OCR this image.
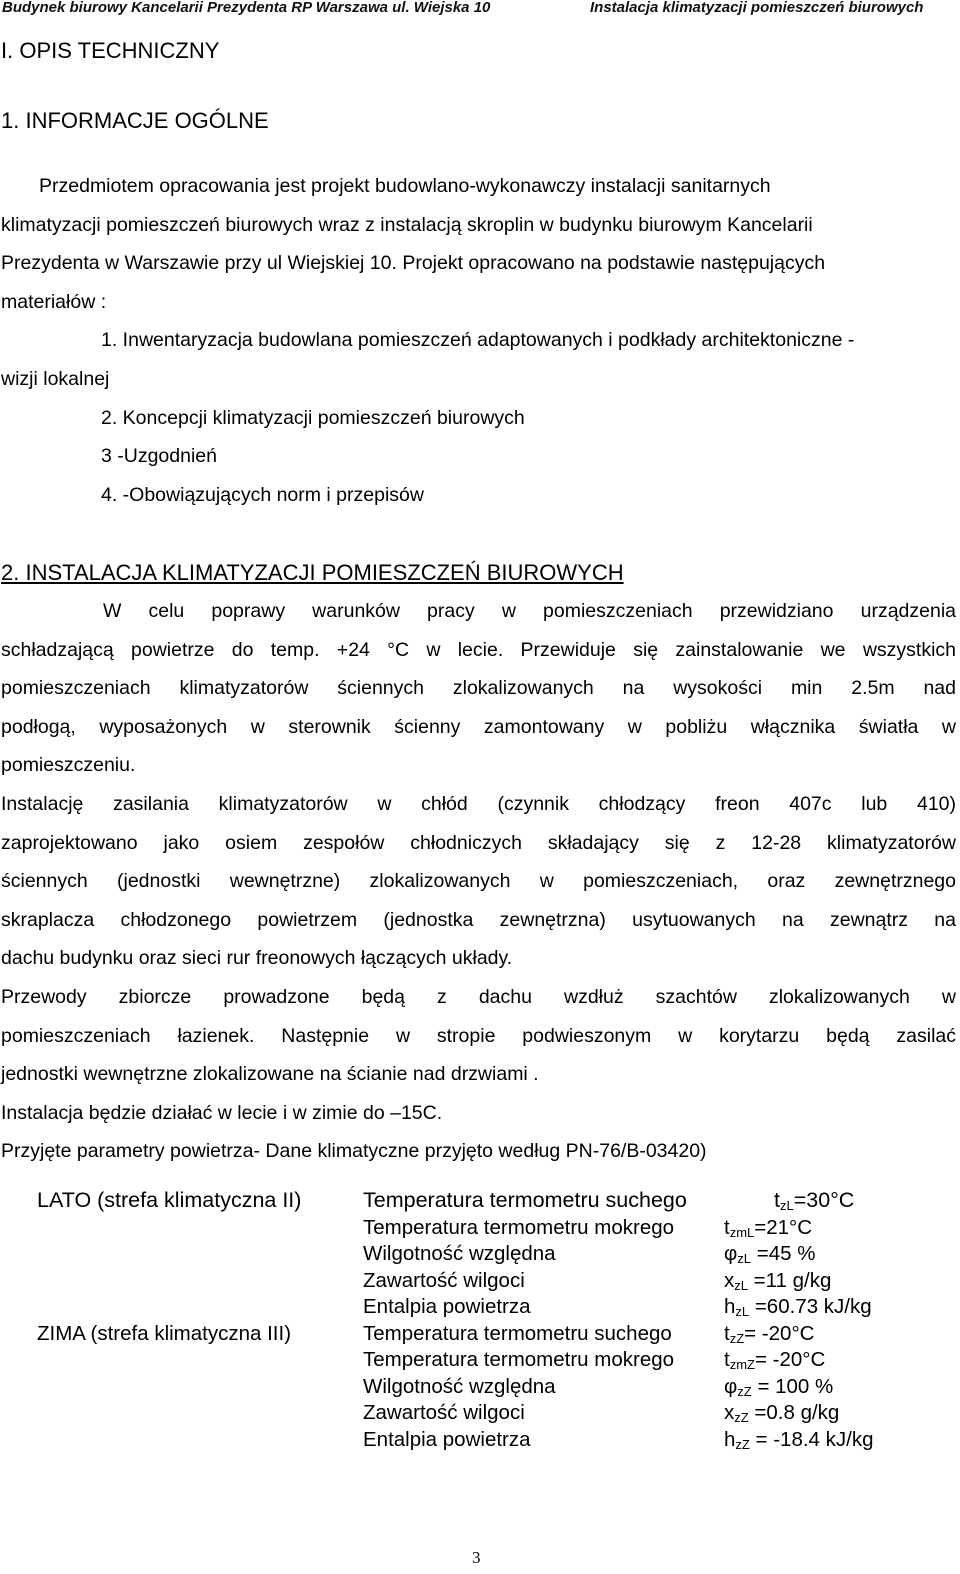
Budynek biurowy Kancelarii Prezydenta RP Warszawa ul. Wiejska 10	Instalacja klimatyzacji pomieszczeń biurowych
I. OPIS TECHNICZNY
1. INFORMACJE OGÓLNE

Przedmiotem opracowania jest projekt budowlano-wykonawczy instalacji sanitarnych

klimatyzacji pomieszczeń biurowych wraz z instalacją skroplin w budynku biurowym Kancelarii

Prezydenta w Warszawie przy ul Wiejskiej 10. Projekt opracowano na podstawie następujących

materiałów :

1. Inwentaryzacja budowlana pomieszczeń adaptowanych i podkłady architektoniczne -

wizji lokalnej

2. Koncepcji klimatyzacji pomieszczeń biurowych

3 -Uzgodnień

4. -Obowiązujących norm i przepisów

2. INSTALACJA KLIMATYZACJI POMIESZCZEŃ BIUROWYCH

W celu poprawy warunków pracy w pomieszczeniach przewidziano urządzenia

schładzającą powietrze do temp. +24 °C w lecie. Przewiduje się zainstalowanie we wszystkich

pomieszczeniach klimatyzatorów ściennych zlokalizowanych na wysokości min 2.5m nad

podłogą, wyposażonych w sterownik ścienny zamontowany w pobliżu włącznika światła w

pomieszczeniu.

Instalację zasilania klimatyzatorów w chłód (czynnik chłodzący freon 407c lub 410)

zaprojektowano jako osiem zespołów chłodniczych składający się z 12-28 klimatyzatorów

ściennych (jednostki wewnętrzne) zlokalizowanych w pomieszczeniach, oraz zewnętrznego

skraplacza chłodzonego powietrzem (jednostka zewnętrzna) usytuowanych na zewnątrz na

dachu budynku oraz sieci rur freonowych łączących układy.

Przewody zbiorcze prowadzone będą z dachu wzdłuż szachtów zlokalizowanych w

pomieszczeniach łazienek. Następnie w stropie podwieszonym w korytarzu będą zasilać

jednostki wewnętrzne zlokalizowane na ścianie nad drzwiami .

Instalacja będzie działać w lecie i w zimie do –15C.

Przyjęte parametry powietrza- Dane klimatyczne przyjęto według PN-76/B-03420)

LATO (strefa klimatyczna II)	Temperatura termometru suchego	$t_{zL}=30^\circ C$
	Temperatura termometru mokrego	$t_{zmL}=21^\circ C$
	Wilgotność względna	$\varphi_{zL} =45$ %
	Zawartość wilgoci	$x_{zL} =11$ g/kg
	Entalpia powietrza	$h_{zL} =60.73$ kJ/kg
ZIMA (strefa klimatyczna III)	Temperatura termometru suchego	$t_{zZ}= -20^\circ C$
	Temperatura termometru mokrego	$t_{zmZ}= -20^\circ C$
	Wilgotność względna	$\varphi_{zZ} = 100$ %
	Zawartość wilgoci	$x_{zZ} =0.8$ g/kg
	Entalpia powietrza	$h_{zZ} = -18.4$ kJ/kg
3
